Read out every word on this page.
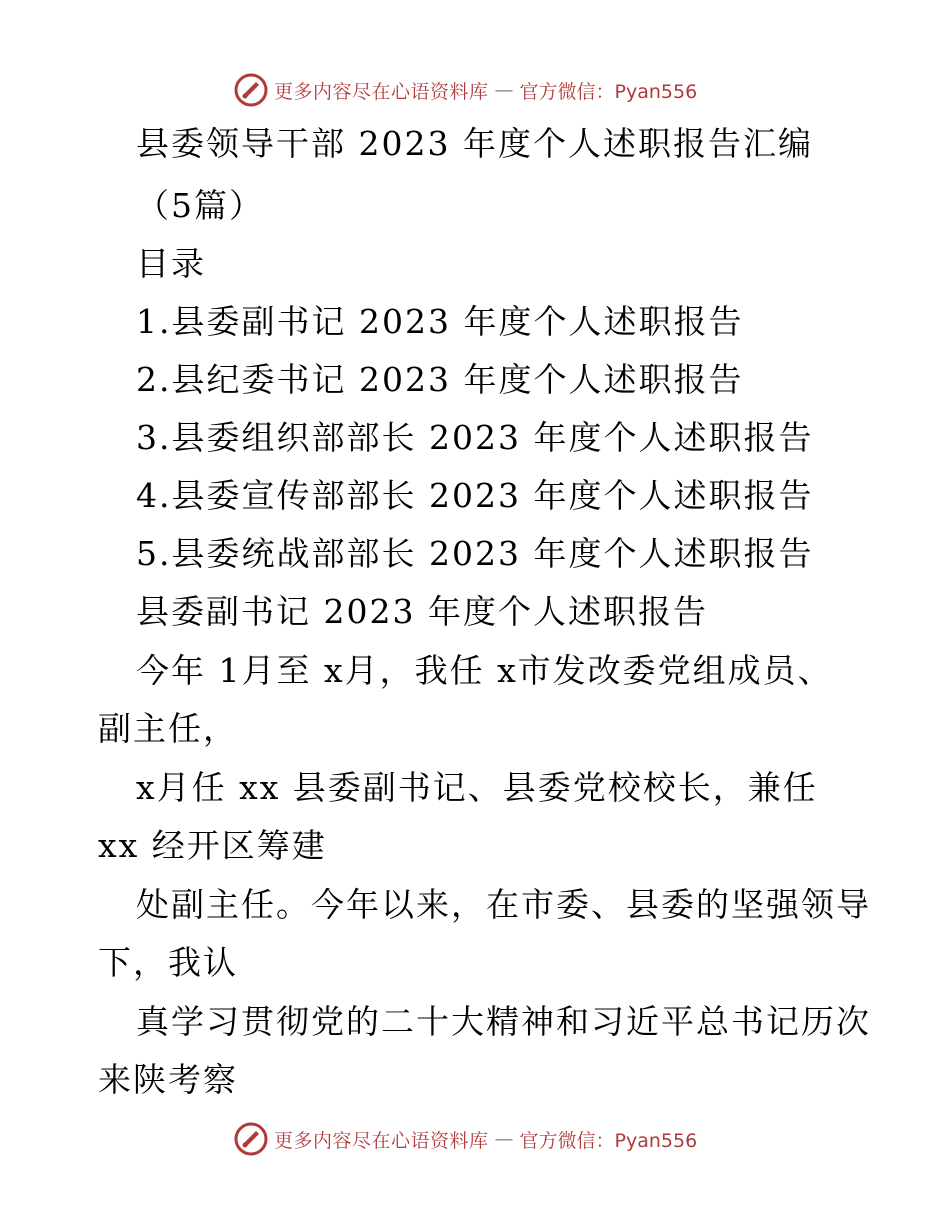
更多内容尽在心语资料库 — 官方微信：Pyan556
县委领导干部 2023 年度个人述职报告汇编
（5篇）
目录
1.县委副书记 2023 年度个人述职报告
2.县纪委书记 2023 年度个人述职报告
3.县委组织部部长 2023 年度个人述职报告
4.县委宣传部部长 2023 年度个人述职报告
5.县委统战部部长 2023 年度个人述职报告
县委副书记 2023 年度个人述职报告
今年 1月至 x月，我任 x市发改委党组成员、
副主任，
x月任 xx 县委副书记、县委党校校长，兼任
xx 经开区筹建
处副主任。今年以来，在市委、县委的坚强领导
下，我认
真学习贯彻党的二十大精神和习近平总书记历次
来陕考察
更多内容尽在心语资料库 — 官方微信：Pyan556
